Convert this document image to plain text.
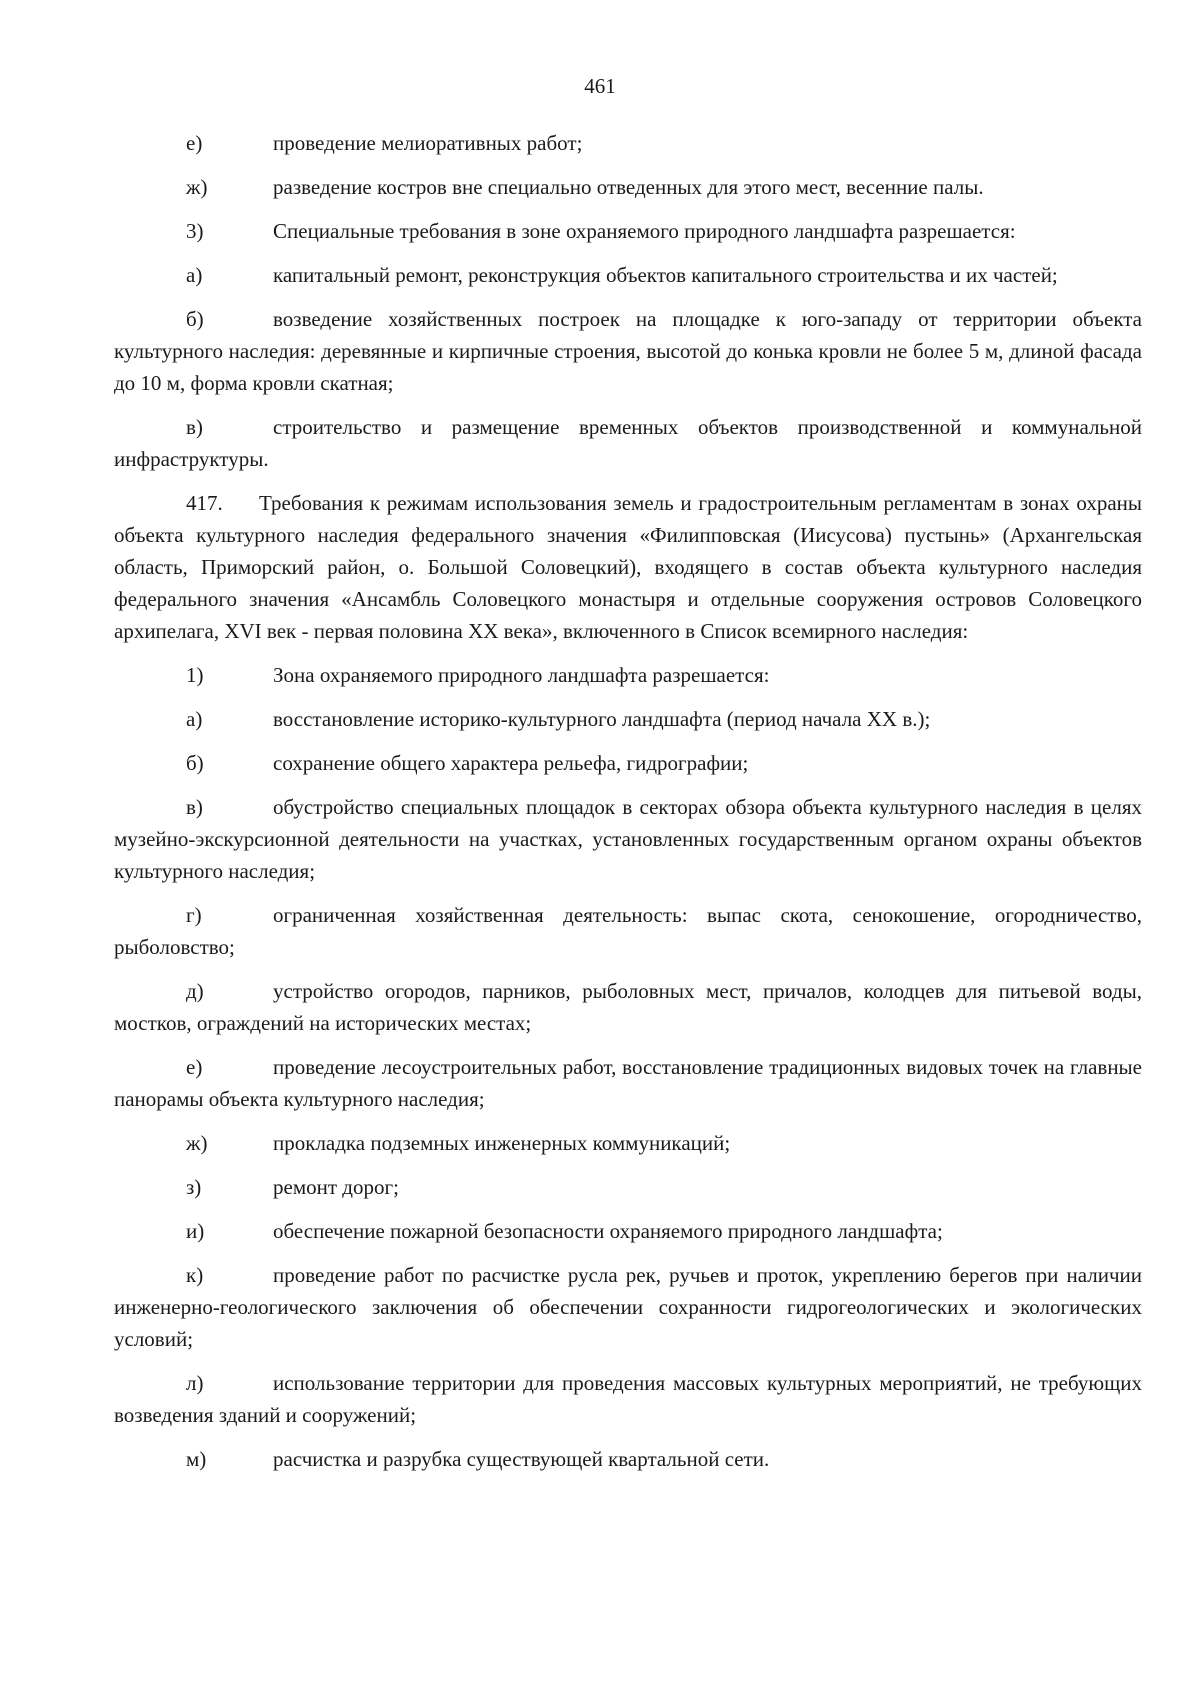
461

е)	проведение мелиоративных работ;

ж)	разведение костров вне специально отведенных для этого мест, весенние палы.

3)	Специальные требования в зоне охраняемого природного ландшафта разрешается:

а)	капитальный ремонт, реконструкция объектов капитального строительства и их частей;

б)	возведение хозяйственных построек на площадке к юго-западу от территории объекта культурного наследия: деревянные и кирпичные строения, высотой до конька кровли не более 5 м, длиной фасада до 10 м, форма кровли скатная;

в)	строительство и размещение временных объектов производственной и коммунальной инфраструктуры.

417. Требования к режимам использования земель и градостроительным регламентам в зонах охраны объекта культурного наследия федерального значения «Филипповская (Иисусова) пустынь» (Архангельская область, Приморский район, о. Большой Соловецкий), входящего в состав объекта культурного наследия федерального значения «Ансамбль Соловецкого монастыря и отдельные сооружения островов Соловецкого архипелага, XVI век - первая половина XX века», включенного в Список всемирного наследия:

1)	Зона охраняемого природного ландшафта разрешается:

а)	восстановление историко-культурного ландшафта (период начала XX в.);

б)	сохранение общего характера рельефа, гидрографии;

в)	обустройство специальных площадок в секторах обзора объекта культурного наследия в целях музейно-экскурсионной деятельности на участках, установленных государственным органом охраны объектов культурного наследия;

г)	ограниченная хозяйственная деятельность: выпас скота, сенокошение, огородничество, рыболовство;

д)	устройство огородов, парников, рыболовных мест, причалов, колодцев для питьевой воды, мостков, ограждений на исторических местах;

е)	проведение лесоустроительных работ, восстановление традиционных видовых точек на главные панорамы объекта культурного наследия;

ж)	прокладка подземных инженерных коммуникаций;

з)	ремонт дорог;

и)	обеспечение пожарной безопасности охраняемого природного ландшафта;

к)	проведение работ по расчистке русла рек, ручьев и проток, укреплению берегов при наличии инженерно-геологического заключения об обеспечении сохранности гидрогеологических и экологических условий;

л)	использование территории для проведения массовых культурных мероприятий, не требующих возведения зданий и сооружений;

м)	расчистка и разрубка существующей квартальной сети.
